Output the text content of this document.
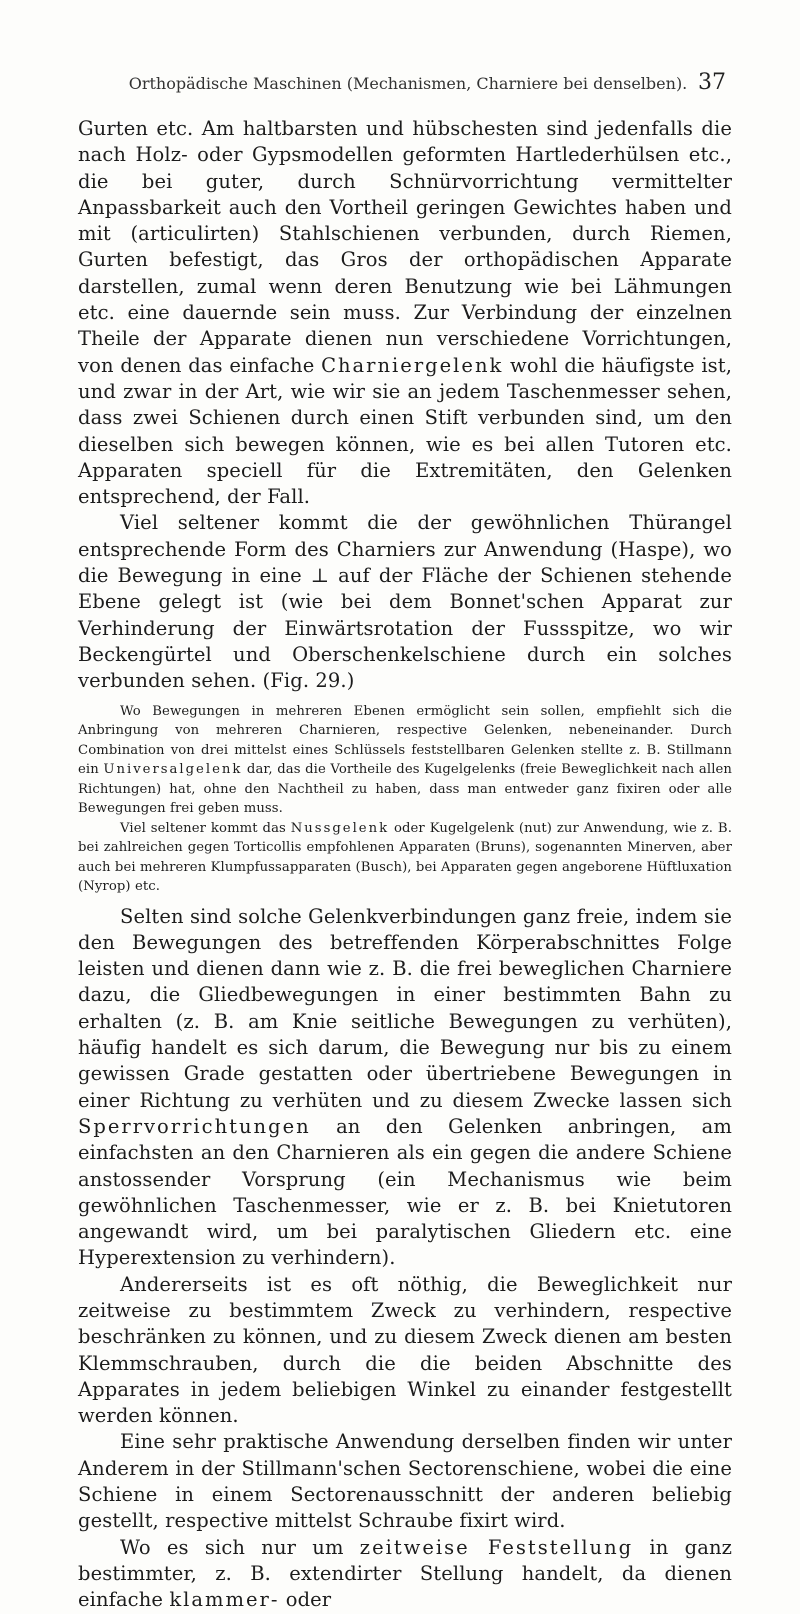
Orthopädische Maschinen (Mechanismen, Charniere bei denselben). 37

Gurten etc. Am haltbarsten und hübschesten sind jedenfalls die nach Holz- oder Gypsmodellen geformten Hartlederhülsen etc., die bei guter, durch Schnürvorrichtung vermittelter Anpassbarkeit auch den Vortheil geringen Gewichtes haben und mit (articulirten) Stahlschienen verbunden, durch Riemen, Gurten befestigt, das Gros der orthopädischen Apparate darstellen, zumal wenn deren Benutzung wie bei Lähmungen etc. eine dauernde sein muss. Zur Verbindung der einzelnen Theile der Apparate dienen nun verschiedene Vorrichtungen, von denen das einfache Charniergelenk wohl die häufigste ist, und zwar in der Art, wie wir sie an jedem Taschenmesser sehen, dass zwei Schienen durch einen Stift verbunden sind, um den dieselben sich bewegen können, wie es bei allen Tutoren etc. Apparaten speciell für die Extremitäten, den Gelenken entsprechend, der Fall.

Viel seltener kommt die der gewöhnlichen Thürangel entsprechende Form des Charniers zur Anwendung (Haspe), wo die Bewegung in eine ⊥ auf der Fläche der Schienen stehende Ebene gelegt ist (wie bei dem Bonnet'schen Apparat zur Verhinderung der Einwärtsrotation der Fussspitze, wo wir Beckengürtel und Oberschenkelschiene durch ein solches verbunden sehen. (Fig. 29.)

Wo Bewegungen in mehreren Ebenen ermöglicht sein sollen, empfiehlt sich die Anbringung von mehreren Charnieren, respective Gelenken, nebeneinander. Durch Combination von drei mittelst eines Schlüssels feststellbaren Gelenken stellte z. B. Stillmann ein Universalgelenk dar, das die Vortheile des Kugelgelenks (freie Beweglichkeit nach allen Richtungen) hat, ohne den Nachtheil zu haben, dass man entweder ganz fixiren oder alle Bewegungen frei geben muss.

Viel seltener kommt das Nussgelenk oder Kugelgelenk (nut) zur Anwendung, wie z. B. bei zahlreichen gegen Torticollis empfohlenen Apparaten (Bruns), sogenannten Minerven, aber auch bei mehreren Klumpfussapparaten (Busch), bei Apparaten gegen angeborene Hüftluxation (Nyrop) etc.

Selten sind solche Gelenkverbindungen ganz freie, indem sie den Bewegungen des betreffenden Körperabschnittes Folge leisten und dienen dann wie z. B. die frei beweglichen Charniere dazu, die Gliedbewegungen in einer bestimmten Bahn zu erhalten (z. B. am Knie seitliche Bewegungen zu verhüten), häufig handelt es sich darum, die Bewegung nur bis zu einem gewissen Grade gestatten oder übertriebene Bewegungen in einer Richtung zu verhüten und zu diesem Zwecke lassen sich Sperrvorrichtungen an den Gelenken anbringen, am einfachsten an den Charnieren als ein gegen die andere Schiene anstossender Vorsprung (ein Mechanismus wie beim gewöhnlichen Taschenmesser, wie er z. B. bei Knietutoren angewandt wird, um bei paralytischen Gliedern etc. eine Hyperextension zu verhindern).

Andererseits ist es oft nöthig, die Beweglichkeit nur zeitweise zu bestimmtem Zweck zu verhindern, respective beschränken zu können, und zu diesem Zweck dienen am besten Klemmschrauben, durch die die beiden Abschnitte des Apparates in jedem beliebigen Winkel zu einander festgestellt werden können.

Eine sehr praktische Anwendung derselben finden wir unter Anderem in der Stillmann'schen Sectorenschiene, wobei die eine Schiene in einem Sectorenausschnitt der anderen beliebig gestellt, respective mittelst Schraube fixirt wird.

Wo es sich nur um zeitweise Feststellung in ganz bestimmter, z. B. extendirter Stellung handelt, da dienen einfache klammer- oder
